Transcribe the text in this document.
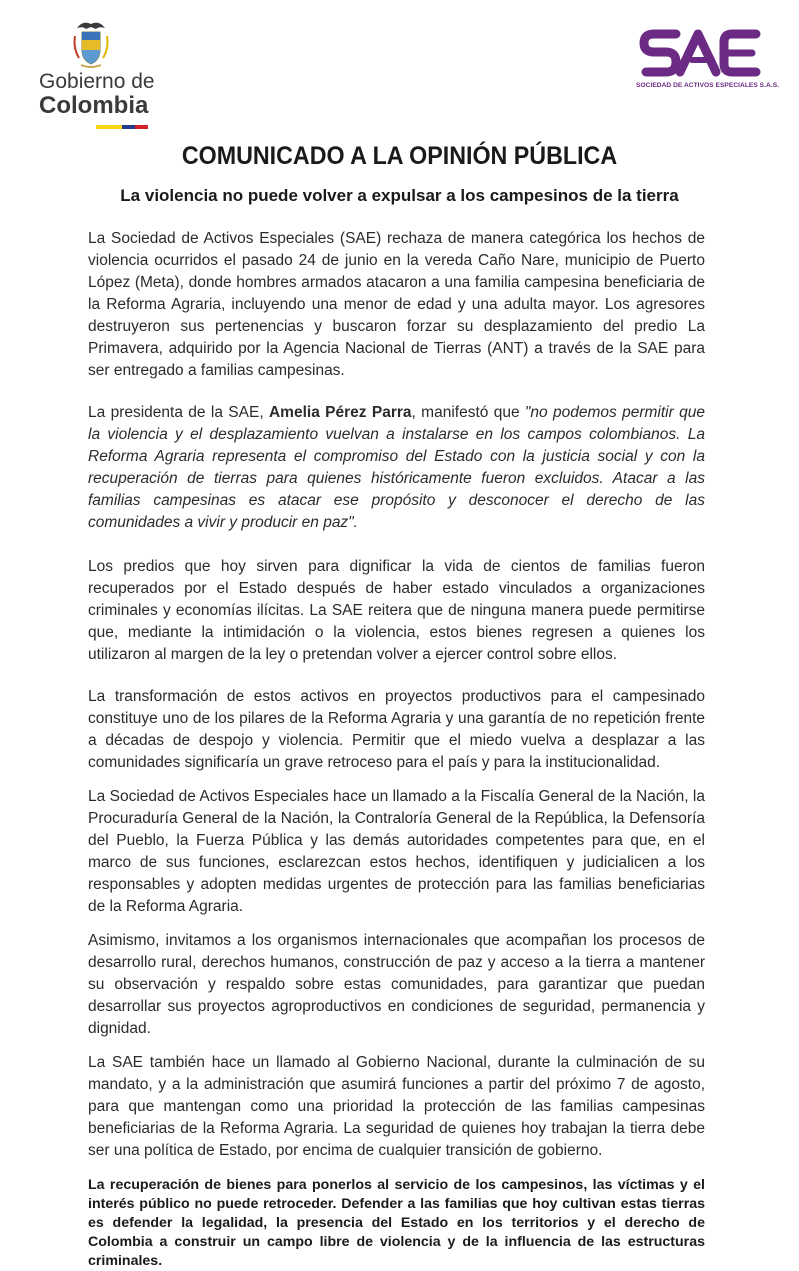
Gobierno de
Colombia
SOCIEDAD DE ACTIVOS ESPECIALES S.A.S.
COMUNICADO A LA OPINIÓN PÚBLICA
La violencia no puede volver a expulsar a los campesinos de la tierra

La Sociedad de Activos Especiales (SAE) rechaza de manera categórica los hechos de violencia ocurridos el pasado 24 de junio en la vereda Caño Nare, municipio de Puerto López (Meta), donde hombres armados atacaron a una familia campesina beneficiaria de la Reforma Agraria, incluyendo una menor de edad y una adulta mayor. Los agresores destruyeron sus pertenencias y buscaron forzar su desplazamiento del predio La Primavera, adquirido por la Agencia Nacional de Tierras (ANT) a través de la SAE para ser entregado a familias campesinas.

La presidenta de la SAE, Amelia Pérez Parra, manifestó que "no podemos permitir que la violencia y el desplazamiento vuelvan a instalarse en los campos colombianos. La Reforma Agraria representa el compromiso del Estado con la justicia social y con la recuperación de tierras para quienes históricamente fueron excluidos. Atacar a las familias campesinas es atacar ese propósito y desconocer el derecho de las comunidades a vivir y producir en paz".

Los predios que hoy sirven para dignificar la vida de cientos de familias fueron recuperados por el Estado después de haber estado vinculados a organizaciones criminales y economías ilícitas. La SAE reitera que de ninguna manera puede permitirse que, mediante la intimidación o la violencia, estos bienes regresen a quienes los utilizaron al margen de la ley o pretendan volver a ejercer control sobre ellos.

La transformación de estos activos en proyectos productivos para el campesinado constituye uno de los pilares de la Reforma Agraria y una garantía de no repetición frente a décadas de despojo y violencia. Permitir que el miedo vuelva a desplazar a las comunidades significaría un grave retroceso para el país y para la institucionalidad.

La Sociedad de Activos Especiales hace un llamado a la Fiscalía General de la Nación, la Procuraduría General de la Nación, la Contraloría General de la República, la Defensoría del Pueblo, la Fuerza Pública y las demás autoridades competentes para que, en el marco de sus funciones, esclarezcan estos hechos, identifiquen y judicialicen a los responsables y adopten medidas urgentes de protección para las familias beneficiarias de la Reforma Agraria.

Asimismo, invitamos a los organismos internacionales que acompañan los procesos de desarrollo rural, derechos humanos, construcción de paz y acceso a la tierra a mantener su observación y respaldo sobre estas comunidades, para garantizar que puedan desarrollar sus proyectos agroproductivos en condiciones de seguridad, permanencia y dignidad.

La SAE también hace un llamado al Gobierno Nacional, durante la culminación de su mandato, y a la administración que asumirá funciones a partir del próximo 7 de agosto, para que mantengan como una prioridad la protección de las familias campesinas beneficiarias de la Reforma Agraria. La seguridad de quienes hoy trabajan la tierra debe ser una política de Estado, por encima de cualquier transición de gobierno.

La recuperación de bienes para ponerlos al servicio de los campesinos, las víctimas y el interés público no puede retroceder. Defender a las familias que hoy cultivan estas tierras es defender la legalidad, la presencia del Estado en los territorios y el derecho de Colombia a construir un campo libre de violencia y de la influencia de las estructuras criminales.
